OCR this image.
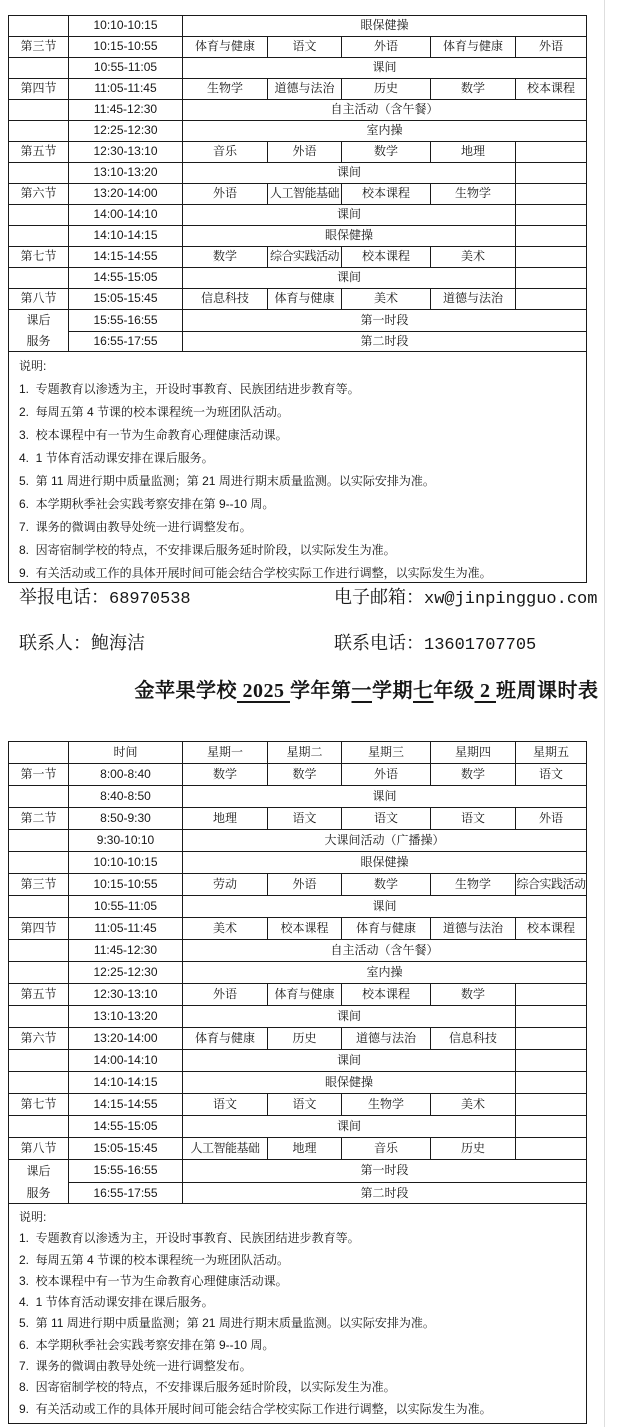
	10:10-10:15	眼保健操				
第三节	10:15-10:55	体育与健康	语文	外语	体育与健康	外语
	10:55-11:05	课间				
第四节	11:05-11:45	生物学	道德与法治	历史	数学	校本课程
	11:45-12:30	自主活动（含午餐）				
	12:25-12:30	室内操				
第五节	12:30-13:10	音乐	外语	数学	地理	
	13:10-13:20	课间				
第六节	13:20-14:00	外语	人工智能基础	校本课程	生物学	
	14:00-14:10	课间				
	14:10-14:15	眼保健操				
第七节	14:15-14:55	数学	综合实践活动	校本课程	美术	
	14:55-15:05	课间				
第八节	15:05-15:45	信息科技	体育与健康	美术	道德与法治	

课后
服务	15:55-16:55	第一时段				
	16:55-17:55	第二时段				
说明:
1.  专题教育以渗透为主，开设时事教育、民族团结进步教育等。
2.  每周五第 4 节课的校本课程统一为班团队活动。
3.  校本课程中有一节为生命教育心理健康活动课。
4.  1 节体育活动课安排在课后服务。
5.  第 11 周进行期中质量监测；第 21 周进行期末质量监测。以实际安排为准。
6.  本学期秋季社会实践考察安排在第 9--10 周。
7.  课务的微调由教导处统一进行调整发布。
8.  因寄宿制学校的特点，不安排课后服务延时阶段，以实际发生为准。
9.  有关活动或工作的具体开展时间可能会结合学校实际工作进行调整，以实际发生为准。
举报电话：68970538	电子邮箱：xw@jinpingguo.com
联系人：鲍海洁	联系电话：13601707705
金苹果学校 2025 学年第一学期七年级 2 班周课时表
	时间	星期一	星期二	星期三	星期四	星期五
第一节	8:00-8:40	数学	数学	外语	数学	语文
	8:40-8:50	课间				
第二节	8:50-9:30	地理	语文	语文	语文	外语
	9:30-10:10	大课间活动（广播操）				
	10:10-10:15	眼保健操				
第三节	10:15-10:55	劳动	外语	数学	生物学	综合实践活动
	10:55-11:05	课间				
第四节	11:05-11:45	美术	校本课程	体育与健康	道德与法治	校本课程
	11:45-12:30	自主活动（含午餐）				
	12:25-12:30	室内操				
第五节	12:30-13:10	外语	体育与健康	校本课程	数学	
	13:10-13:20	课间				
第六节	13:20-14:00	体育与健康	历史	道德与法治	信息科技	
	14:00-14:10	课间				
	14:10-14:15	眼保健操				
第七节	14:15-14:55	语文	语文	生物学	美术	
	14:55-15:05	课间				
第八节	15:05-15:45	人工智能基础	地理	音乐	历史	

课后
服务	15:55-16:55	第一时段				
	16:55-17:55	第二时段				
说明:
1.  专题教育以渗透为主，开设时事教育、民族团结进步教育等。
2.  每周五第 4 节课的校本课程统一为班团队活动。
3.  校本课程中有一节为生命教育心理健康活动课。
4.  1 节体育活动课安排在课后服务。
5.  第 11 周进行期中质量监测；第 21 周进行期末质量监测。以实际安排为准。
6.  本学期秋季社会实践考察安排在第 9--10 周。
7.  课务的微调由教导处统一进行调整发布。
8.  因寄宿制学校的特点，不安排课后服务延时阶段，以实际发生为准。
9.  有关活动或工作的具体开展时间可能会结合学校实际工作进行调整，以实际发生为准。
